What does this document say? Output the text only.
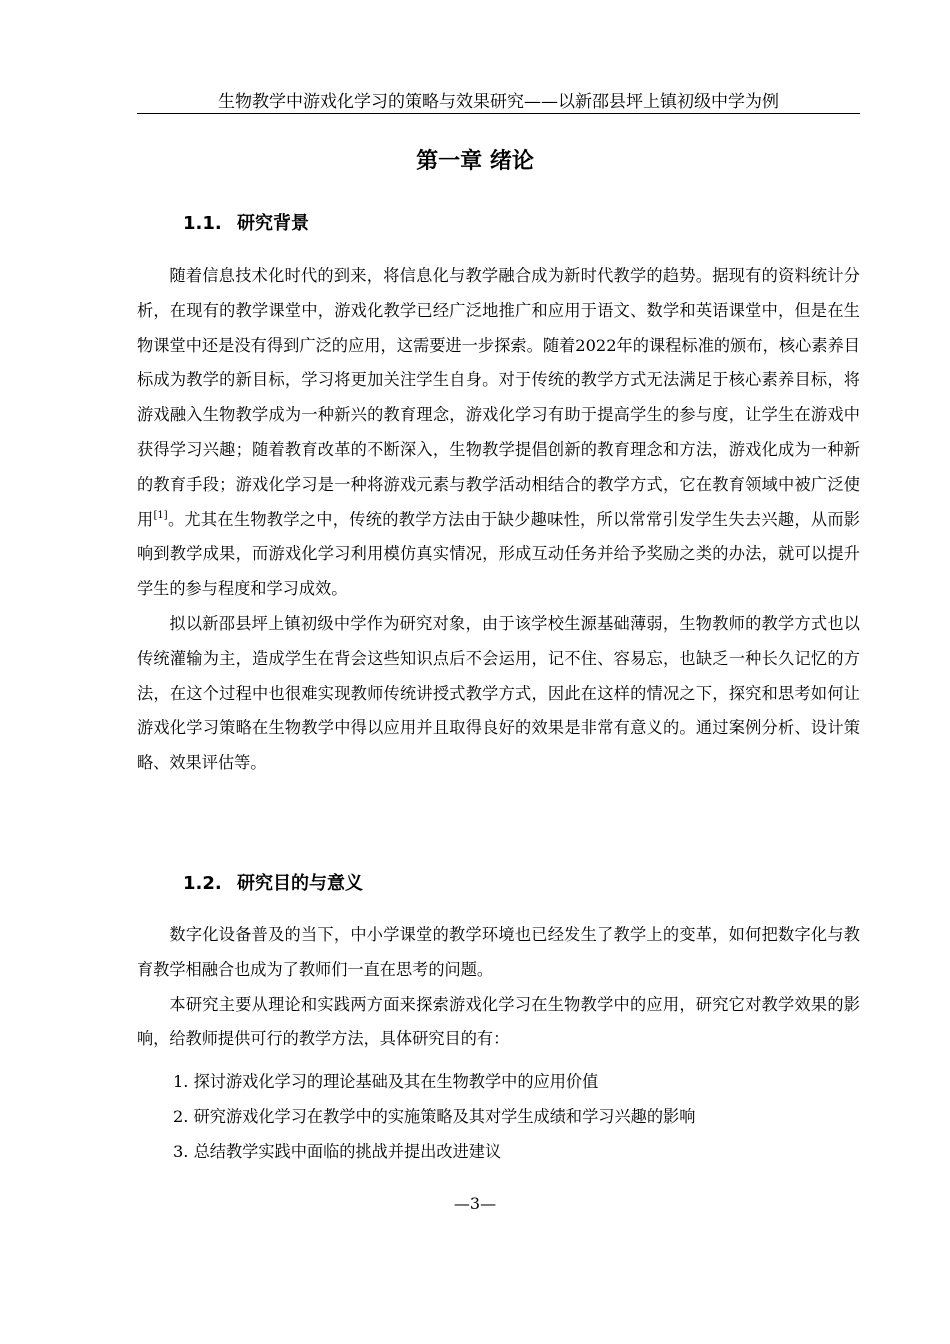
生物教学中游戏化学习的策略与效果研究——以新邵县坪上镇初级中学为例
第一章 绪论
1.1. 研究背景

随着信息技术化时代的到来，将信息化与教学融合成为新时代教学的趋势。据现有的资料统计分析，在现有的教学课堂中，游戏化教学已经广泛地推广和应用于语文、数学和英语课堂中，但是在生物课堂中还是没有得到广泛的应用，这需要进一步探索。随着2022年的课程标准的颁布，核心素养目标成为教学的新目标，学习将更加关注学生自身。对于传统的教学方式无法满足于核心素养目标，将游戏融入生物教学成为一种新兴的教育理念，游戏化学习有助于提高学生的参与度，让学生在游戏中获得学习兴趣；随着教育改革的不断深入，生物教学提倡创新的教育理念和方法，游戏化成为一种新的教育手段；游戏化学习是一种将游戏元素与教学活动相结合的教学方式，它在教育领域中被广泛使用[1]。尤其在生物教学之中，传统的教学方法由于缺少趣味性，所以常常引发学生失去兴趣，从而影响到教学成果，而游戏化学习利用模仿真实情况，形成互动任务并给予奖励之类的办法，就可以提升学生的参与程度和学习成效。

拟以新邵县坪上镇初级中学作为研究对象，由于该学校生源基础薄弱，生物教师的教学方式也以传统灌输为主，造成学生在背会这些知识点后不会运用，记不住、容易忘，也缺乏一种长久记忆的方法，在这个过程中也很难实现教师传统讲授式教学方式，因此在这样的情况之下，探究和思考如何让游戏化学习策略在生物教学中得以应用并且取得良好的效果是非常有意义的。通过案例分析、设计策略、效果评估等。

1.2. 研究目的与意义

数字化设备普及的当下，中小学课堂的教学环境也已经发生了教学上的变革，如何把数字化与教育教学相融合也成为了教师们一直在思考的问题。

本研究主要从理论和实践两方面来探索游戏化学习在生物教学中的应用，研究它对教学效果的影响，给教师提供可行的教学方法，具体研究目的有：

1. 探讨游戏化学习的理论基础及其在生物教学中的应用价值
2. 研究游戏化学习在教学中的实施策略及其对学生成绩和学习兴趣的影响
3. 总结教学实践中面临的挑战并提出改进建议
—3—
